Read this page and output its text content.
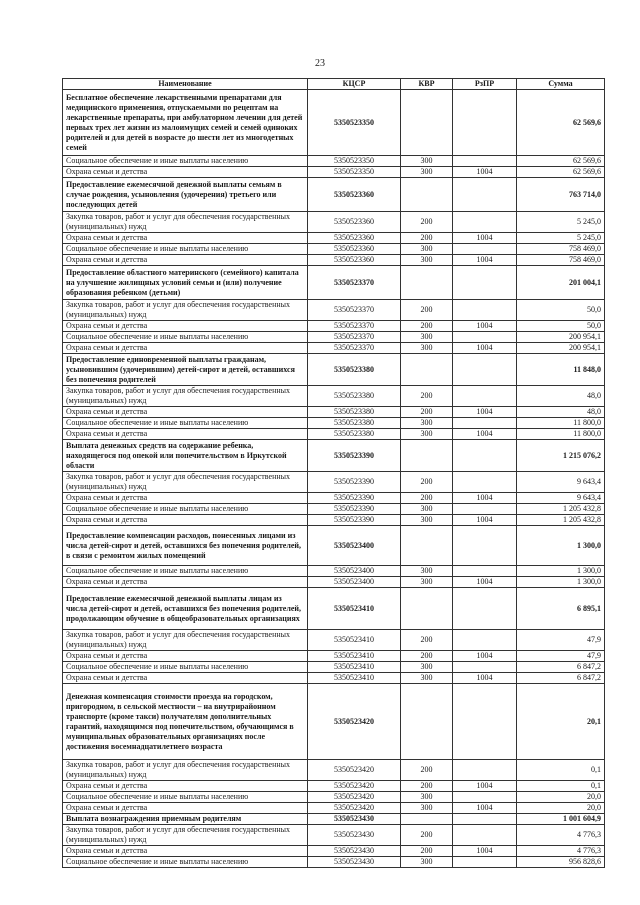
23
Наименование	КЦСР	КВР	РзПР	Сумма
Бесплатное обеспечение лекарственными препаратами для медицинского применения, отпускаемыми по рецептам на лекарственные препараты, при амбулаторном лечении для детей первых трех лет жизни из малоимущих семей и семей одиноких родителей и для детей в возрасте до шести лет из многодетных семей	5350523350			62 569,6
Социальное обеспечение и иные выплаты населению	5350523350	300		62 569,6
Охрана семьи и детства	5350523350	300	1004	62 569,6
Предоставление ежемесячной денежной выплаты семьям в случае рождения, усыновления (удочерения) третьего или последующих детей	5350523360			763 714,0
Закупка товаров, работ и услуг для обеспечения государственных (муниципальных) нужд	5350523360	200		5 245,0
Охрана семьи и детства	5350523360	200	1004	5 245,0
Социальное обеспечение и иные выплаты населению	5350523360	300		758 469,0
Охрана семьи и детства	5350523360	300	1004	758 469,0
Предоставление областного материнского (семейного) капитала на улучшение жилищных условий семьи и (или) получение образования ребенком (детьми)	5350523370			201 004,1
Закупка товаров, работ и услуг для обеспечения государственных (муниципальных) нужд	5350523370	200		50,0
Охрана семьи и детства	5350523370	200	1004	50,0
Социальное обеспечение и иные выплаты населению	5350523370	300		200 954,1
Охрана семьи и детства	5350523370	300	1004	200 954,1
Предоставление единовременной выплаты гражданам, усыновившим (удочерившим) детей-сирот и детей, оставшихся без попечения родителей	5350523380			11 848,0
Закупка товаров, работ и услуг для обеспечения государственных (муниципальных) нужд	5350523380	200		48,0
Охрана семьи и детства	5350523380	200	1004	48,0
Социальное обеспечение и иные выплаты населению	5350523380	300		11 800,0
Охрана семьи и детства	5350523380	300	1004	11 800,0
Выплата денежных средств на содержание ребенка, находящегося под опекой или попечительством в Иркутской области	5350523390			1 215 076,2
Закупка товаров, работ и услуг для обеспечения государственных (муниципальных) нужд	5350523390	200		9 643,4
Охрана семьи и детства	5350523390	200	1004	9 643,4
Социальное обеспечение и иные выплаты населению	5350523390	300		1 205 432,8
Охрана семьи и детства	5350523390	300	1004	1 205 432,8
Предоставление компенсации расходов, понесенных лицами из числа детей-сирот и детей, оставшихся без попечения родителей, в связи с ремонтом жилых помещений	5350523400			1 300,0
Социальное обеспечение и иные выплаты населению	5350523400	300		1 300,0
Охрана семьи и детства	5350523400	300	1004	1 300,0
Предоставление ежемесячной денежной выплаты лицам из числа детей-сирот и детей, оставшихся без попечения родителей, продолжающим обучение в общеобразовательных организациях	5350523410			6 895,1
Закупка товаров, работ и услуг для обеспечения государственных (муниципальных) нужд	5350523410	200		47,9
Охрана семьи и детства	5350523410	200	1004	47,9
Социальное обеспечение и иные выплаты населению	5350523410	300		6 847,2
Охрана семьи и детства	5350523410	300	1004	6 847,2
Денежная компенсация стоимости проезда на городском, пригородном, в сельской местности – на внутрирайонном транспорте (кроме такси) получателям дополнительных гарантий, находящимся под попечительством, обучающимся в муниципальных образовательных организациях после достижения восемнадцатилетнего возраста	5350523420			20,1
Закупка товаров, работ и услуг для обеспечения государственных (муниципальных) нужд	5350523420	200		0,1
Охрана семьи и детства	5350523420	200	1004	0,1
Социальное обеспечение и иные выплаты населению	5350523420	300		20,0
Охрана семьи и детства	5350523420	300	1004	20,0
Выплата вознаграждения приемным родителям	5350523430			1 001 604,9
Закупка товаров, работ и услуг для обеспечения государственных (муниципальных) нужд	5350523430	200		4 776,3
Охрана семьи и детства	5350523430	200	1004	4 776,3
Социальное обеспечение и иные выплаты населению	5350523430	300		956 828,6
